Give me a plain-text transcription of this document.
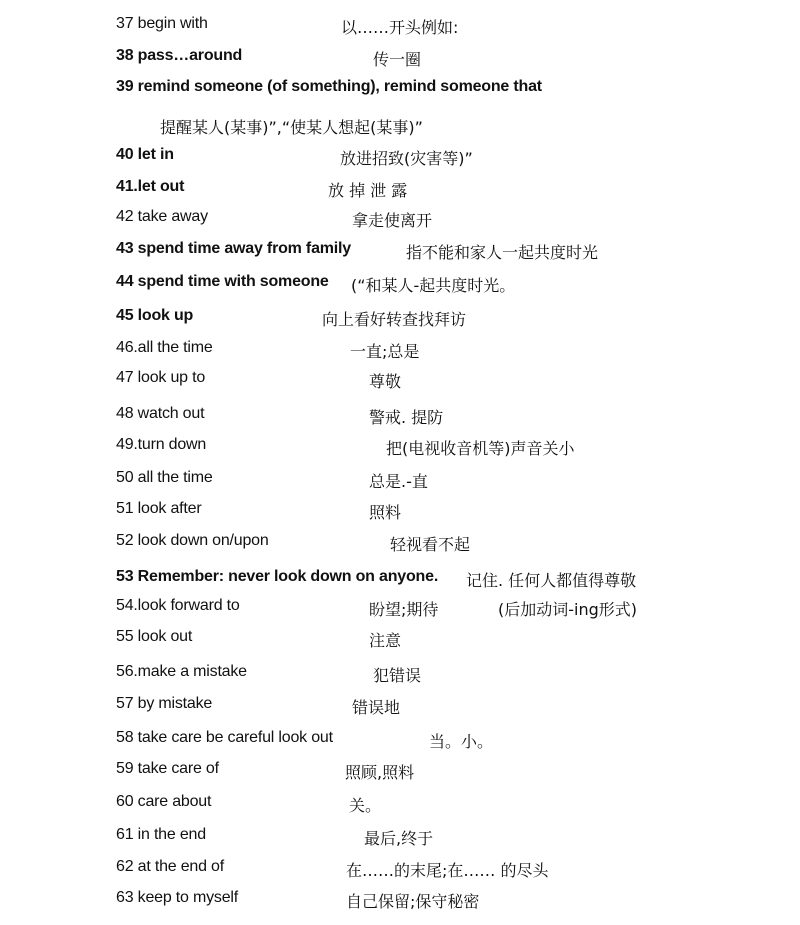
37 begin with	以……开头例如:
38 pass…around	传一圈
39 remind someone (of something), remind someone that
提醒某人(某事)”,“使某人想起(某事)”
40 let in	放进招致(灾害等)”
41.let out	放 掉 泄 露
42 take away	拿走使离开
43 spend time away from family	指不能和家人一起共度时光
44 spend time with someone (“和某人-起共度时光。
45 look up	向上看好转查找拜访
46.all the time	一直;总是
47 look up to	尊敬
48 watch out	警戒. 提防
49.turn down	把(电视收音机等)声音关小
50 all the time	总是.-直
51 look after	照料
52 look down on/upon	轻视看不起
53 Remember: never look down on anyone. 记住. 任何人都值得尊敬
54.look forward to	盼望;期待	(后加动词-ing形式)
55 look out	注意
56.make a mistake	犯错误
57 by mistake	错误地
58 take care be careful look out	当。小。
59 take care of	照顾,照料
60 care about	关。
61 in the end	最后,终于
62 at the end of	在……的末尾;在…… 的尽头
63 keep to myself	自己保留;保守秘密
